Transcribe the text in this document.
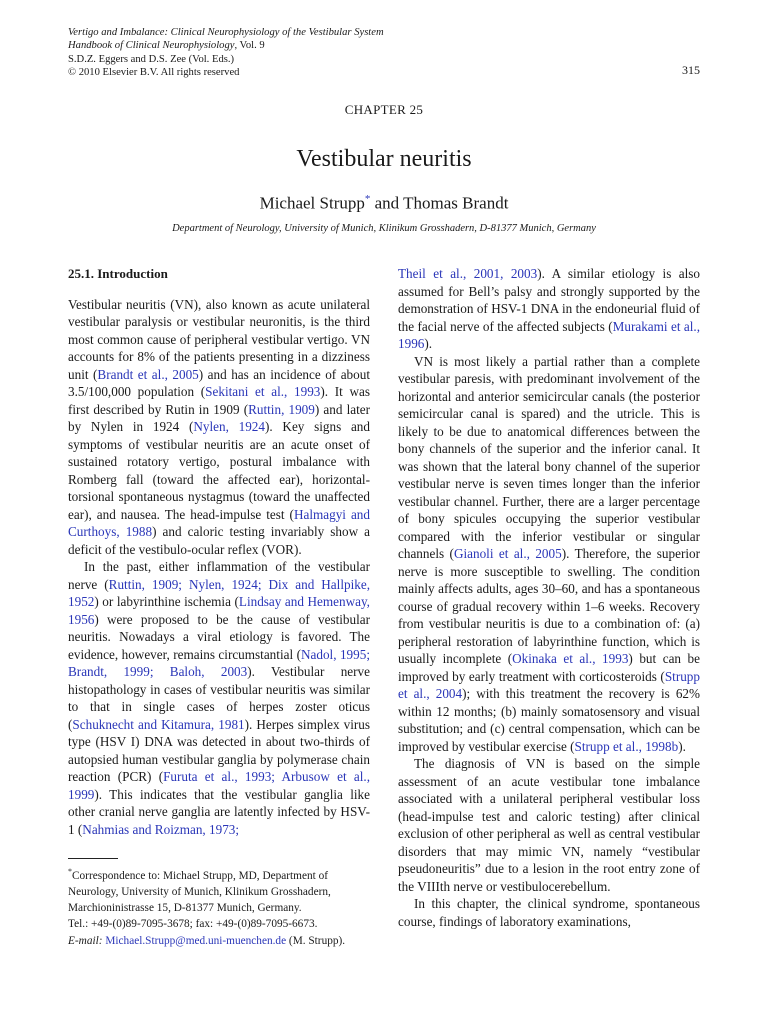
Vertigo and Imbalance: Clinical Neurophysiology of the Vestibular System
Handbook of Clinical Neurophysiology, Vol. 9
S.D.Z. Eggers and D.S. Zee (Vol. Eds.)
© 2010 Elsevier B.V. All rights reserved	315
CHAPTER 25
Vestibular neuritis
Michael Strupp* and Thomas Brandt
Department of Neurology, University of Munich, Klinikum Grosshadern, D-81377 Munich, Germany
25.1. Introduction

Vestibular neuritis (VN), also known as acute unilateral vestibular paralysis or vestibular neuronitis, is the third most common cause of peripheral vestibular vertigo. VN accounts for 8% of the patients presenting in a dizziness unit (Brandt et al., 2005) and has an incidence of about 3.5/100,000 population (Sekitani et al., 1993). It was first described by Rutin in 1909 (Ruttin, 1909) and later by Nylen in 1924 (Nylen, 1924). Key signs and symptoms of vestibular neuritis are an acute onset of sustained rotatory vertigo, postural imbalance with Romberg fall (toward the affected ear), horizontal-torsional spontaneous nystagmus (toward the unaffected ear), and nausea. The head-impulse test (Halmagyi and Curthoys, 1988) and caloric testing invariably show a deficit of the vestibulo-ocular reflex (VOR).

In the past, either inflammation of the vestibular nerve (Ruttin, 1909; Nylen, 1924; Dix and Hallpike, 1952) or labyrinthine ischemia (Lindsay and Hemenway, 1956) were proposed to be the cause of vestibular neuritis. Nowadays a viral etiology is favored. The evidence, however, remains circumstantial (Nadol, 1995; Brandt, 1999; Baloh, 2003). Vestibular nerve histopathology in cases of vestibular neuritis was similar to that in single cases of herpes zoster oticus (Schuknecht and Kitamura, 1981). Herpes simplex virus type (HSV I) DNA was detected in about two-thirds of autopsied human vestibular ganglia by polymerase chain reaction (PCR) (Furuta et al., 1993; Arbusow et al., 1999). This indicates that the vestibular ganglia like other cranial nerve ganglia are latently infected by HSV-1 (Nahmias and Roizman, 1973;

Theil et al., 2001, 2003). A similar etiology is also assumed for Bell’s palsy and strongly supported by the demonstration of HSV-1 DNA in the endoneurial fluid of the facial nerve of the affected subjects (Murakami et al., 1996).

VN is most likely a partial rather than a complete vestibular paresis, with predominant involvement of the horizontal and anterior semicircular canals (the posterior semicircular canal is spared) and the utricle. This is likely to be due to anatomical differences between the bony channels of the superior and the inferior canal. It was shown that the lateral bony channel of the superior vestibular nerve is seven times longer than the inferior vestibular channel. Further, there are a larger percentage of bony spicules occupying the superior vestibular compared with the inferior vestibular or singular channels (Gianoli et al., 2005). Therefore, the superior nerve is more susceptible to swelling. The condition mainly affects adults, ages 30–60, and has a spontaneous course of gradual recovery within 1–6 weeks. Recovery from vestibular neuritis is due to a combination of: (a) peripheral restoration of labyrinthine function, which is usually incomplete (Okinaka et al., 1993) but can be improved by early treatment with corticosteroids (Strupp et al., 2004); with this treatment the recovery is 62% within 12 months; (b) mainly somatosensory and visual substitution; and (c) central compensation, which can be improved by vestibular exercise (Strupp et al., 1998b).

The diagnosis of VN is based on the simple assessment of an acute vestibular tone imbalance associated with a unilateral peripheral vestibular loss (head-impulse test and caloric testing) after clinical exclusion of other peripheral as well as central vestibular disorders that may mimic VN, namely “vestibular pseudoneuritis” due to a lesion in the root entry zone of the VIIIth nerve or vestibulocerebellum.

In this chapter, the clinical syndrome, spontaneous course, findings of laboratory examinations,

*Correspondence to: Michael Strupp, MD, Department of Neurology, University of Munich, Klinikum Grosshadern, Marchioninistrasse 15, D-81377 Munich, Germany.
Tel.: +49-(0)89-7095-3678; fax: +49-(0)89-7095-6673.
E-mail: Michael.Strupp@med.uni-muenchen.de (M. Strupp).
